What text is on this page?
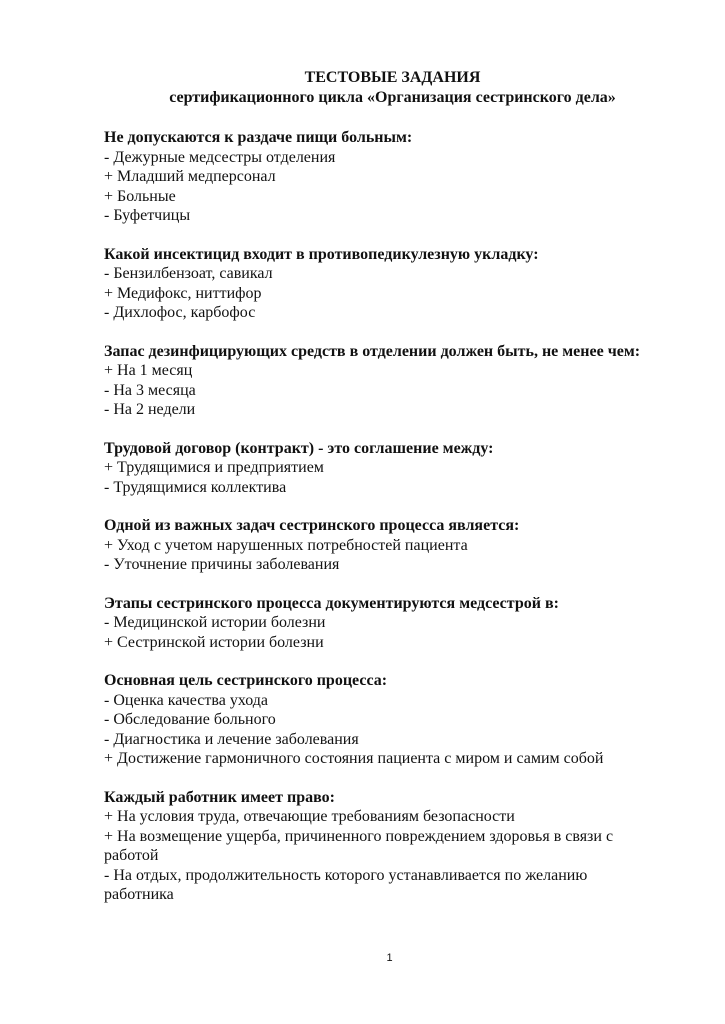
ТЕСТОВЫЕ ЗАДАНИЯ
сертификационного цикла «Организация сестринского дела»
Не допускаются к раздаче пищи больным:
- Дежурные медсестры отделения
+ Младший медперсонал
+ Больные
- Буфетчицы
Какой инсектицид входит в противопедикулезную укладку:
- Бензилбензоат, савикал
+ Медифокс, ниттифор
- Дихлофос, карбофос
Запас дезинфицирующих средств в отделении должен быть, не менее чем:
+ На 1 месяц
- На 3 месяца
- На 2 недели
Трудовой договор (контракт) - это соглашение между:
+ Трудящимися и предприятием
- Трудящимися коллектива
Одной из важных задач сестринского процесса является:
+ Уход с учетом нарушенных потребностей пациента
- Уточнение причины заболевания
Этапы сестринского процесса документируются медсестрой в:
- Медицинской истории болезни
+ Сестринской истории болезни
Основная цель сестринского процесса:
- Оценка качества ухода
- Обследование больного
- Диагностика и лечение заболевания
+ Достижение гармоничного состояния пациента с миром и самим собой
Каждый работник имеет право:
+ На условия труда, отвечающие требованиям безопасности
+ На возмещение ущерба, причиненного повреждением здоровья в связи с работой
- На отдых, продолжительность которого устанавливается по желанию работника
1
